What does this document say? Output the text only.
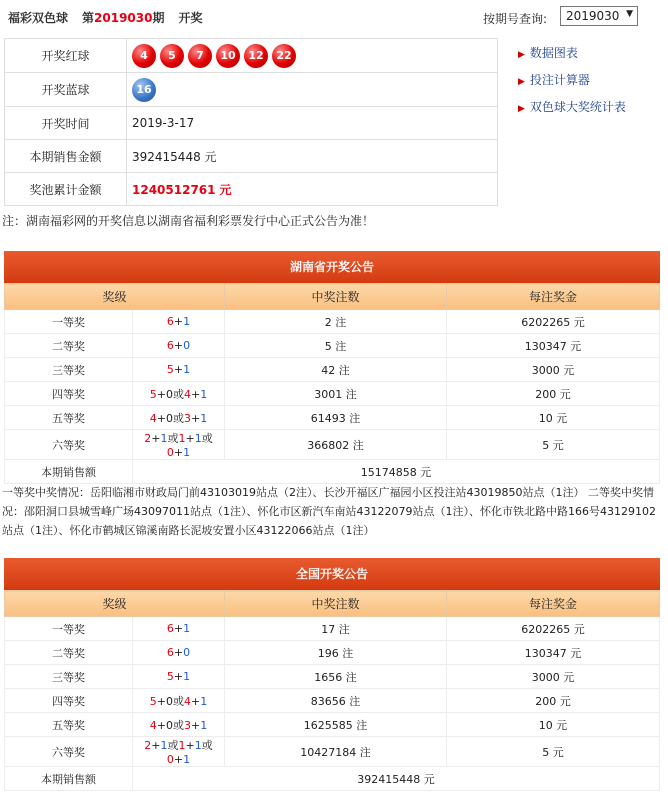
福彩双色球 第2019030期 开奖	按期号查询:	2019030 ▼
开奖红球	4 5 7 10 12 22
开奖蓝球	16
开奖时间	2019-3-17
本期销售金额	392415448 元
奖池累计金额	1240512761 元
▶ 数据图表
▶ 投注计算器
▶ 双色球大奖统计表
注：湖南福彩网的开奖信息以湖南省福利彩票发行中心正式公告为准！
湖南省开奖公告
奖级		中奖注数	每注奖金
一等奖	6+1	2 注	6202265 元
二等奖	6+0	5 注	130347 元
三等奖	5+1	42 注	3000 元
四等奖	5+0或4+1	3001 注	200 元
五等奖	4+0或3+1	61493 注	10 元
六等奖	2+1或1+1或0+1	366802 注	5 元
本期销售额	15174858 元		
一等奖中奖情况：岳阳临湘市财政局门前43103019站点（2注）、长沙开福区广福园小区投注站43019850站点（1注） 二等奖中奖情况：邵阳洞口县城雪峰广场43097011站点（1注）、怀化市区新汽车南站43122079站点（1注）、怀化市铁北路中路166号43129102站点（1注）、怀化市鹤城区锦溪南路长泥坡安置小区43122066站点（1注）
全国开奖公告
奖级		中奖注数	每注奖金
一等奖	6+1	17 注	6202265 元
二等奖	6+0	196 注	130347 元
三等奖	5+1	1656 注	3000 元
四等奖	5+0或4+1	83656 注	200 元
五等奖	4+0或3+1	1625585 注	10 元
六等奖	2+1或1+1或0+1	10427184 注	5 元
本期销售额	392415448 元		
